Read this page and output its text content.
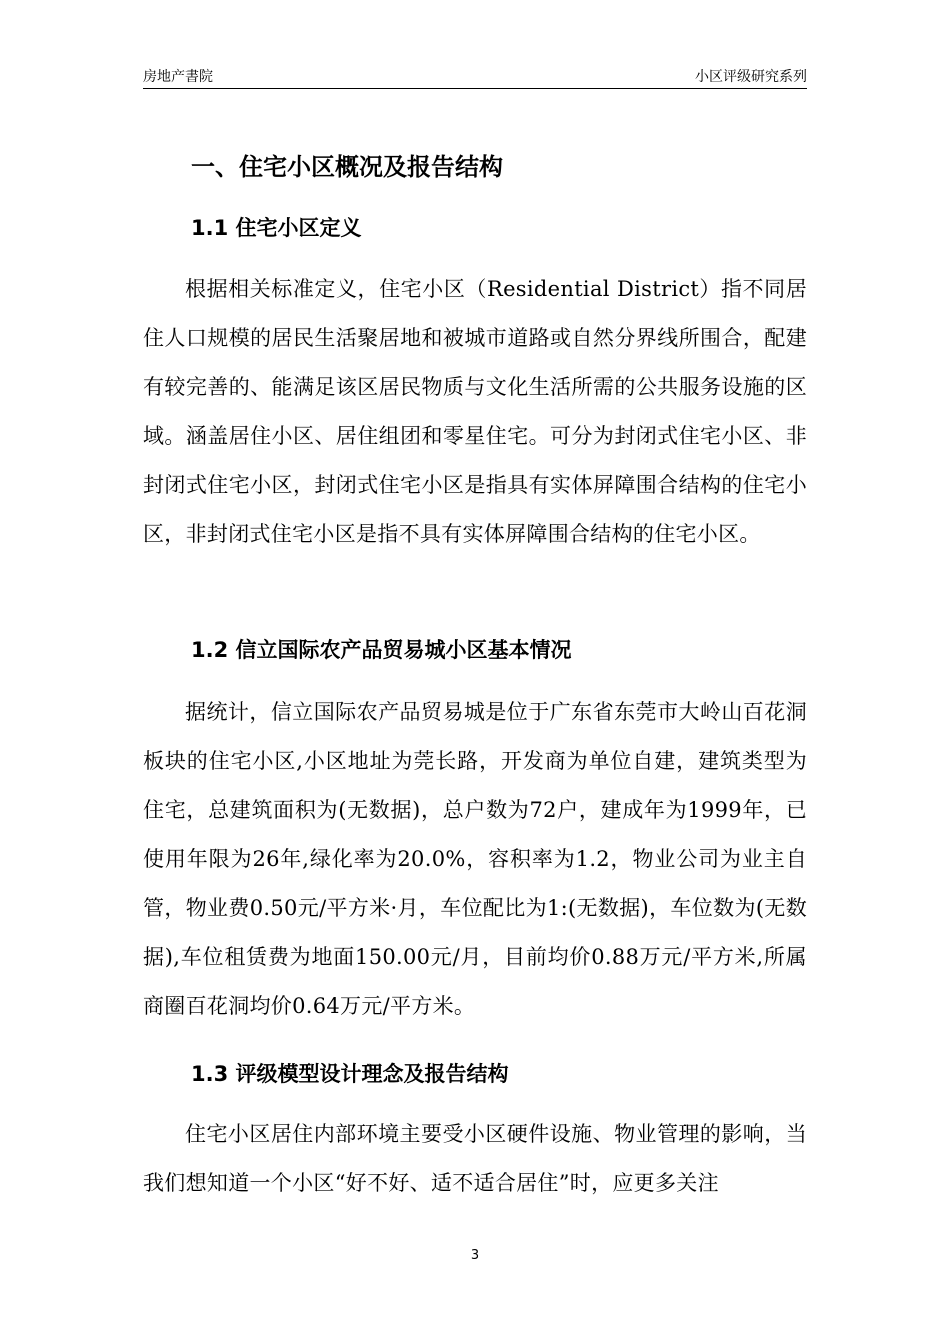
房地产書院	小区评级研究系列
一、住宅小区概况及报告结构
1.1 住宅小区定义
根据相关标准定义，住宅小区（Residential District）指不同居住人口规模的居民生活聚居地和被城市道路或自然分界线所围合，配建有较完善的、能满足该区居民物质与文化生活所需的公共服务设施的区域。涵盖居住小区、居住组团和零星住宅。可分为封闭式住宅小区、非封闭式住宅小区，封闭式住宅小区是指具有实体屏障围合结构的住宅小区，非封闭式住宅小区是指不具有实体屏障围合结构的住宅小区。
1.2 信立国际农产品贸易城小区基本情况
据统计，信立国际农产品贸易城是位于广东省东莞市大岭山百花洞板块的住宅小区,小区地址为莞长路，开发商为单位自建，建筑类型为住宅，总建筑面积为(无数据)，总户数为72户，建成年为1999年，已使用年限为26年,绿化率为20.0%，容积率为1.2，物业公司为业主自管，物业费0.50元/平方米·月，车位配比为1:(无数据)，车位数为(无数据),车位租赁费为地面150.00元/月，目前均价0.88万元/平方米,所属商圈百花洞均价0.64万元/平方米。
1.3 评级模型设计理念及报告结构
住宅小区居住内部环境主要受小区硬件设施、物业管理的影响，当我们想知道一个小区“好不好、适不适合居住”时，应更多关注
3
